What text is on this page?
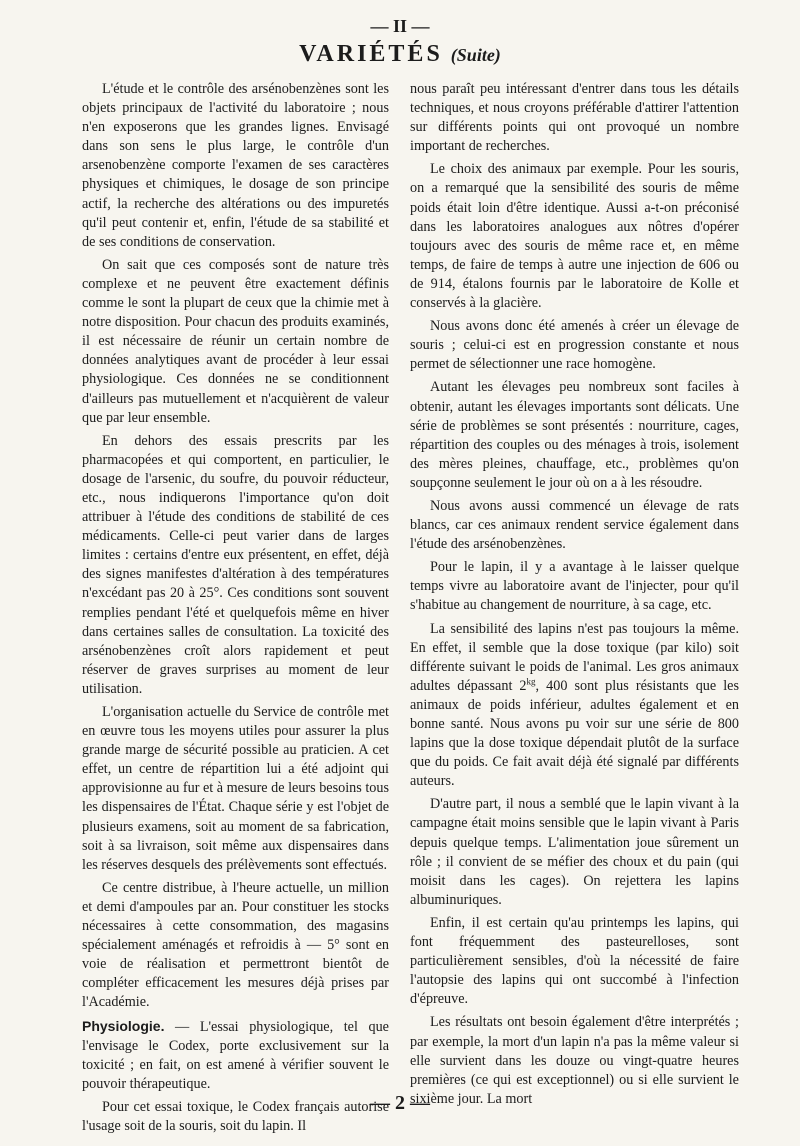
— II —
VARIÉTÉS (Suite)

L'étude et le contrôle des arsénobenzènes sont les objets principaux de l'activité du laboratoire ; nous n'en exposerons que les grandes lignes. Envisagé dans son sens le plus large, le contrôle d'un arsenobenzène comporte l'examen de ses caractères physiques et chimiques, le dosage de son principe actif, la recherche des altérations ou des impuretés qu'il peut contenir et, enfin, l'étude de sa stabilité et de ses conditions de conservation.

On sait que ces composés sont de nature très complexe et ne peuvent être exactement définis comme le sont la plupart de ceux que la chimie met à notre disposition. Pour chacun des produits examinés, il est nécessaire de réunir un certain nombre de données analytiques avant de procéder à leur essai physiologique. Ces données ne se conditionnent d'ailleurs pas mutuellement et n'acquièrent de valeur que par leur ensemble.

En dehors des essais prescrits par les pharmacopées et qui comportent, en particulier, le dosage de l'arsenic, du soufre, du pouvoir réducteur, etc., nous indiquerons l'importance qu'on doit attribuer à l'étude des conditions de stabilité de ces médicaments. Celle-ci peut varier dans de larges limites : certains d'entre eux présentent, en effet, déjà des signes manifestes d'altération à des températures n'excédant pas 20 à 25°. Ces conditions sont souvent remplies pendant l'été et quelquefois même en hiver dans certaines salles de consultation. La toxicité des arsénobenzènes croît alors rapidement et peut réserver de graves surprises au moment de leur utilisation.

L'organisation actuelle du Service de contrôle met en œuvre tous les moyens utiles pour assurer la plus grande marge de sécurité possible au praticien. A cet effet, un centre de répartition lui a été adjoint qui approvisionne au fur et à mesure de leurs besoins tous les dispensaires de l'État. Chaque série y est l'objet de plusieurs examens, soit au moment de sa fabrication, soit à sa livraison, soit même aux dispensaires dans les réserves desquels des prélèvements sont effectués.

Ce centre distribue, à l'heure actuelle, un million et demi d'ampoules par an. Pour constituer les stocks nécessaires à cette consommation, des magasins spécialement aménagés et refroidis à — 5° sont en voie de réalisation et permettront bientôt de compléter efficacement les mesures déjà prises par l'Académie.

Physiologie. — L'essai physiologique, tel que l'envisage le Codex, porte exclusivement sur la toxicité ; en fait, on est amené à vérifier souvent le pouvoir thérapeutique.

Pour cet essai toxique, le Codex français autorise l'usage soit de la souris, soit du lapin. Il

nous paraît peu intéressant d'entrer dans tous les détails techniques, et nous croyons préférable d'attirer l'attention sur différents points qui ont provoqué un nombre important de recherches.

Le choix des animaux par exemple. Pour les souris, on a remarqué que la sensibilité des souris de même poids était loin d'être identique. Aussi a-t-on préconisé dans les laboratoires analogues aux nôtres d'opérer toujours avec des souris de même race et, en même temps, de faire de temps à autre une injection de 606 ou de 914, étalons fournis par le laboratoire de Kolle et conservés à la glacière.

Nous avons donc été amenés à créer un élevage de souris ; celui-ci est en progression constante et nous permet de sélectionner une race homogène.

Autant les élevages peu nombreux sont faciles à obtenir, autant les élevages importants sont délicats. Une série de problèmes se sont présentés : nourriture, cages, répartition des couples ou des ménages à trois, isolement des mères pleines, chauffage, etc., problèmes qu'on soupçonne seulement le jour où on a à les résoudre.

Nous avons aussi commencé un élevage de rats blancs, car ces animaux rendent service également dans l'étude des arsénobenzènes.

Pour le lapin, il y a avantage à le laisser quelque temps vivre au laboratoire avant de l'injecter, pour qu'il s'habitue au changement de nourriture, à sa cage, etc.

La sensibilité des lapins n'est pas toujours la même. En effet, il semble que la dose toxique (par kilo) soit différente suivant le poids de l'animal. Les gros animaux adultes dépassant $2^{kg}$, 400 sont plus résistants que les animaux de poids inférieur, adultes également et en bonne santé. Nous avons pu voir sur une série de 800 lapins que la dose toxique dépendait plutôt de la surface que du poids. Ce fait avait déjà été signalé par différents auteurs.

D'autre part, il nous a semblé que le lapin vivant à la campagne était moins sensible que le lapin vivant à Paris depuis quelque temps. L'alimentation joue sûrement un rôle ; il convient de se méfier des choux et du pain (qui moisit dans les cages). On rejettera les lapins albuminuriques.

Enfin, il est certain qu'au printemps les lapins, qui font fréquemment des pasteurelloses, sont particulièrement sensibles, d'où la nécessité de faire l'autopsie des lapins qui ont succombé à l'infection d'épreuve.

Les résultats ont besoin également d'être interprétés ; par exemple, la mort d'un lapin n'a pas la même valeur si elle survient dans les douze ou vingt-quatre heures premières (ce qui est exceptionnel) ou si elle survient le sixième jour. La mort

— 2 —
